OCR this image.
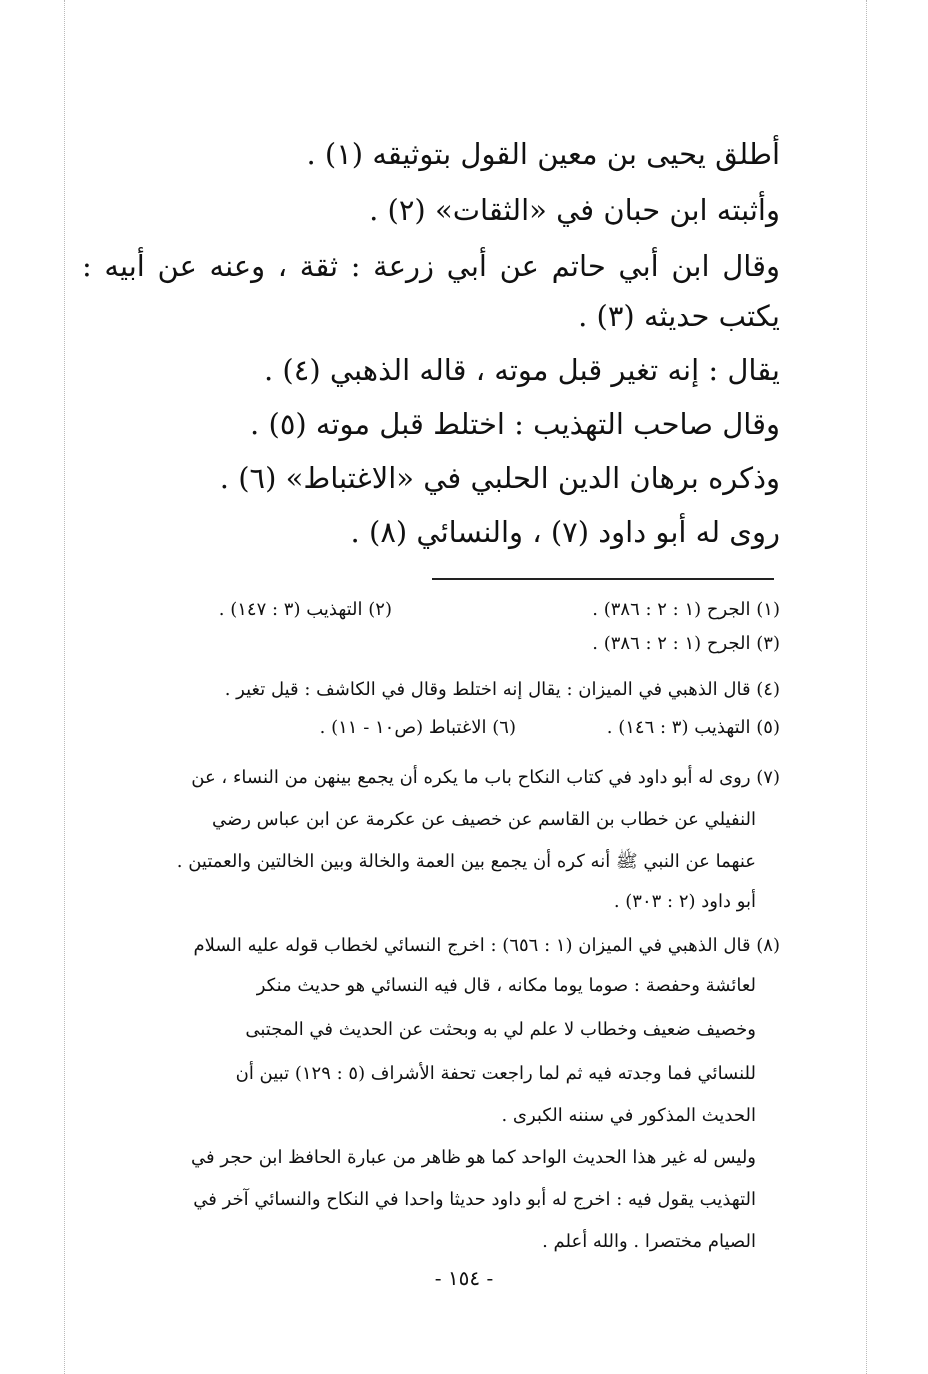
أطلق يحيى بن معين القول بتوثيقه (١) .
وأثبته ابن حبان في «الثقات» (٢) .
وقال ابن أبي حاتم عن أبي زرعة : ثقة ، وعنه عن أبيه :
يكتب حديثه (٣) .
يقال : إنه تغير قبل موته ، قاله الذهبي (٤) .
وقال صاحب التهذيب : اختلط قبل موته (٥) .
وذكره برهان الدين الحلبي في «الاغتباط» (٦) .
روى له أبو داود (٧) ، والنسائي (٨) .
(١) الجرح (١ : ٢ : ٣٨٦) .
(٢) التهذيب (٣ : ١٤٧) .
(٣) الجرح (١ : ٢ : ٣٨٦) .
(٤) قال الذهبي في الميزان : يقال إنه اختلط وقال في الكاشف : قيل تغير .
(٥) التهذيب (٣ : ١٤٦) .
(٦) الاغتباط (ص١٠ - ١١) .
(٧) روى له أبو داود في كتاب النكاح باب ما يكره أن يجمع بينهن من النساء ، عن
النفيلي عن خطاب بن القاسم عن خصيف عن عكرمة عن ابن عباس رضي
عنهما عن النبي ﷺ أنه كره أن يجمع بين العمة والخالة وبين الخالتين والعمتين .
أبو داود (٢ : ٣٠٣) .
(٨) قال الذهبي في الميزان (١ : ٦٥٦) : اخرج النسائي لخطاب قوله عليه السلام
لعائشة وحفصة : صوما يوما مكانه ، قال فيه النسائي هو حديث منكر
وخصيف ضعيف وخطاب لا علم لي به وبحثت عن الحديث في المجتبى
للنسائي فما وجدته فيه ثم لما راجعت تحفة الأشراف (٥ : ١٢٩) تبين أن
الحديث المذكور في سننه الكبرى .
وليس له غير هذا الحديث الواحد كما هو ظاهر من عبارة الحافظ ابن حجر في
التهذيب يقول فيه : اخرج له أبو داود حديثا واحدا في النكاح والنسائي آخر في
الصيام مختصرا . والله أعلم .
- ١٥٤ -
